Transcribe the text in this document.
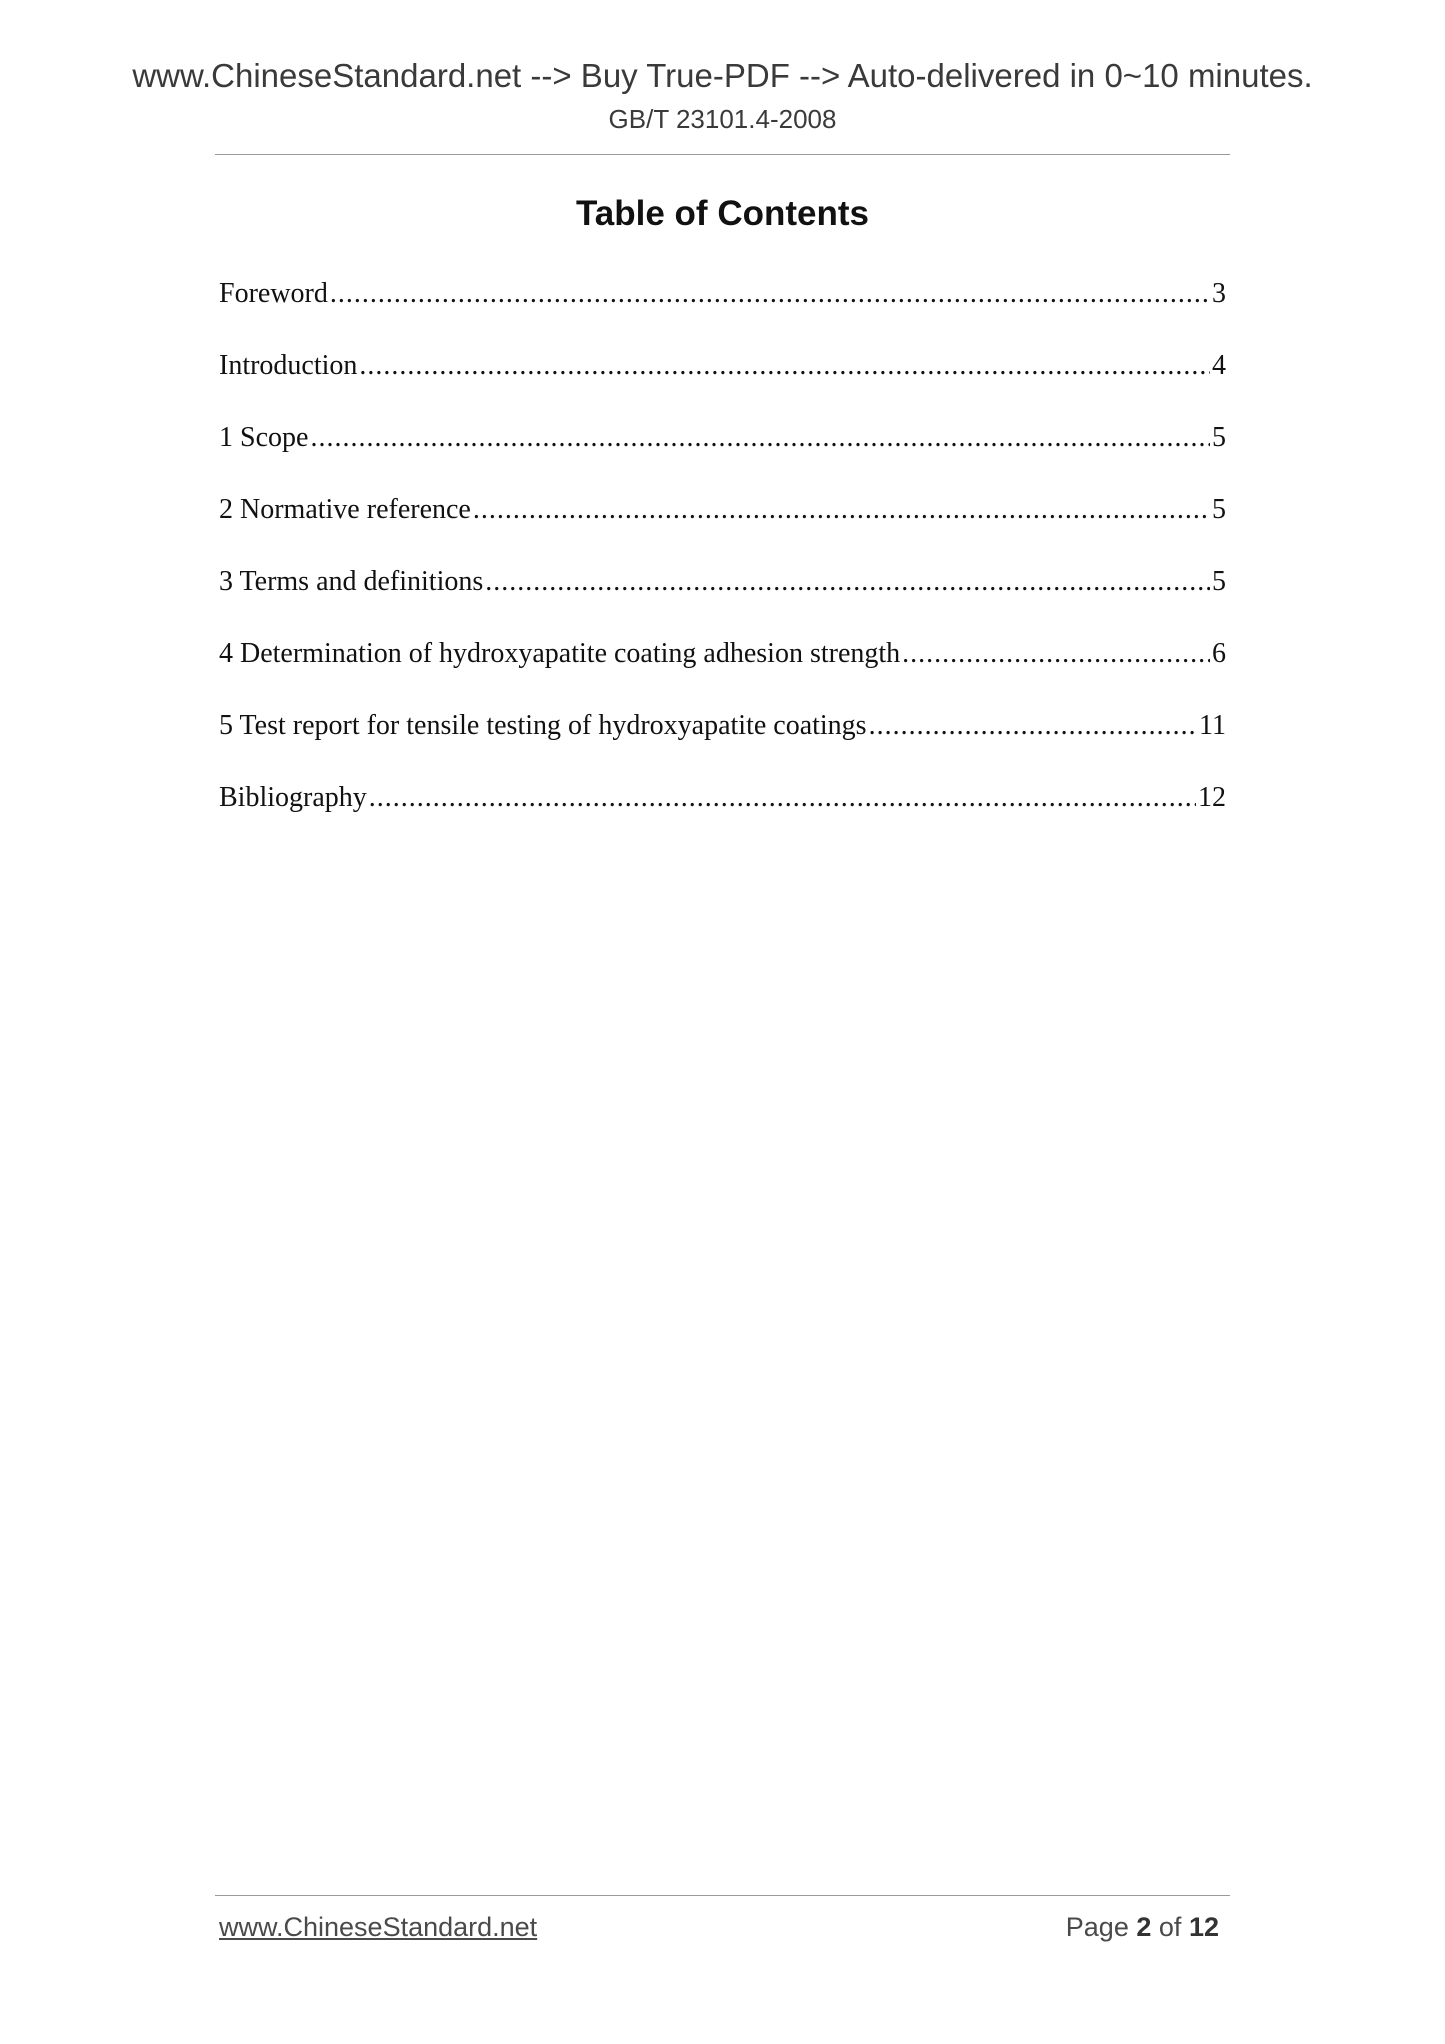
www.ChineseStandard.net --> Buy True-PDF --> Auto-delivered in 0~10 minutes.
GB/T 23101.4-2008
Table of Contents
Foreword .....	3
Introduction .....	4
1 Scope .....	5
2 Normative reference .....	5
3 Terms and definitions .....	5
4 Determination of hydroxyapatite coating adhesion strength .....	6
5 Test report for tensile testing of hydroxyapatite coatings .....	11
Bibliography .....	12
www.ChineseStandard.net	Page 2 of 12
